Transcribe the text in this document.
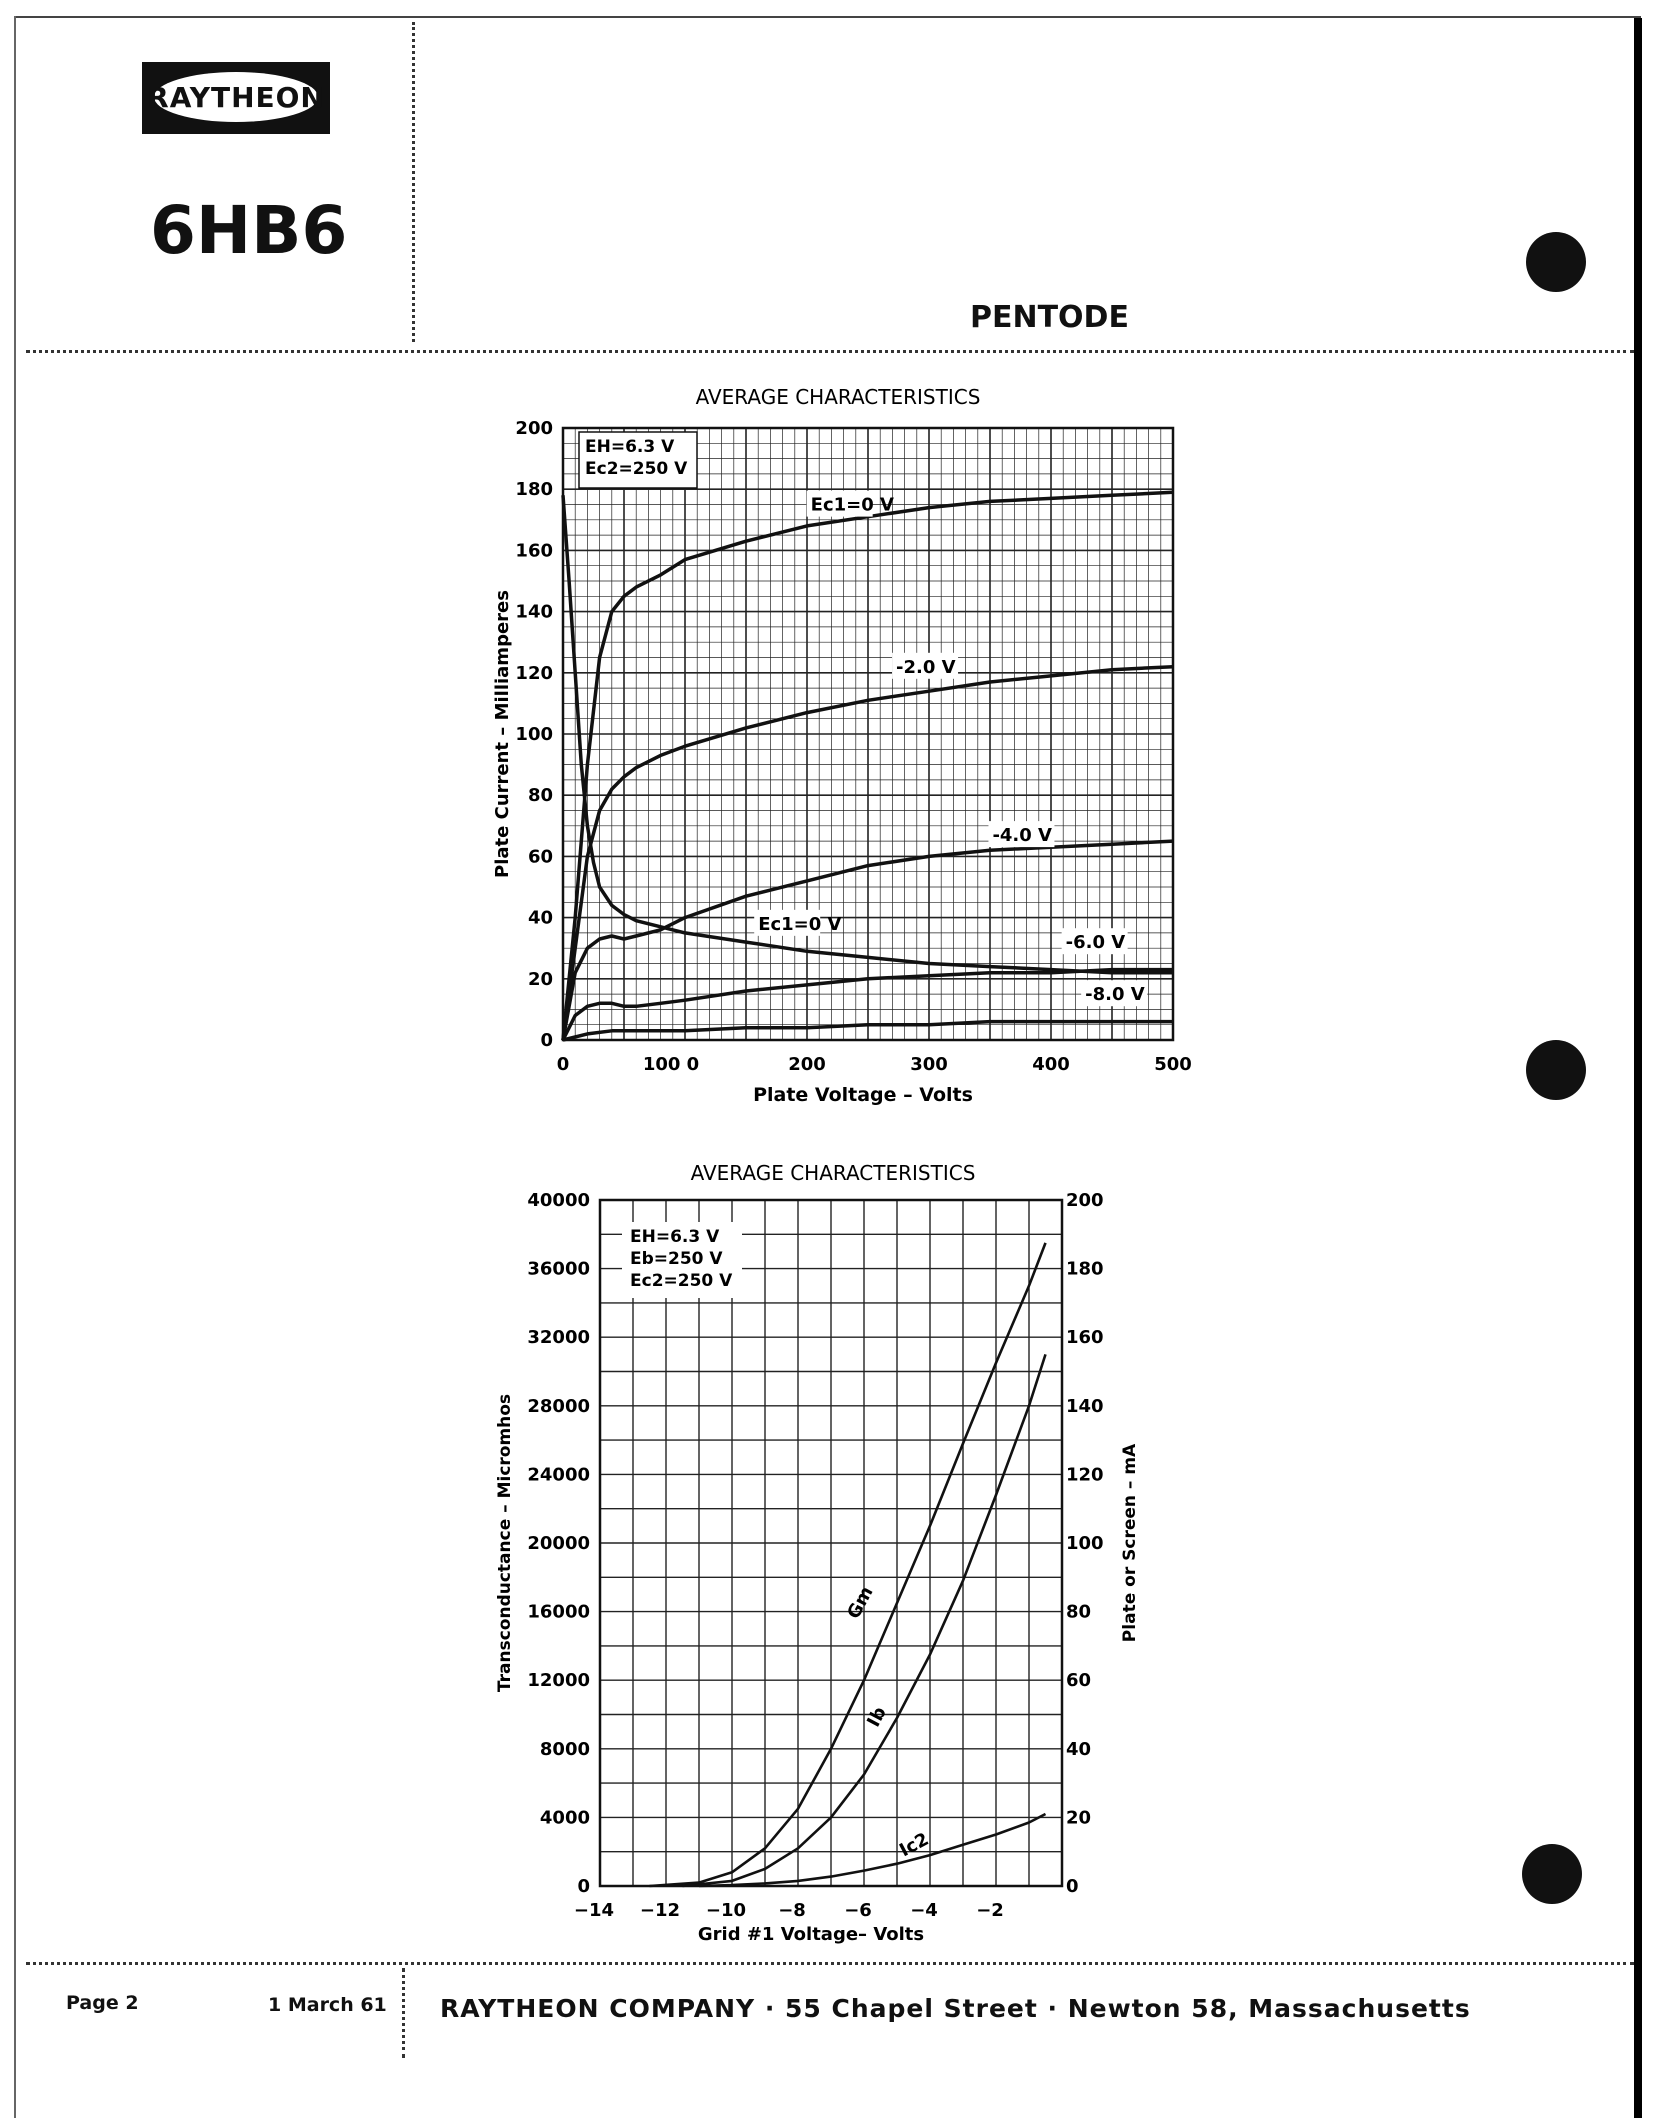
RAYTHEON
6HB6
PENTODE
AVERAGE CHARACTERISTICS
Plate Voltage – Volts
Plate Current – Milliamperes
0	100 0	200	300	400	500
0
20
40
60
80
100
120
140
160
180
200
EH=6.3 V
Ec2=250 V
Ec1=0 V
-2.0 V
-4.0 V
-6.0 V
-8.0 V
Ec1=0 V
AVERAGE CHARACTERISTICS
Grid #1 Voltage– Volts
Transconductance – Micromhos	Plate or Screen – mA
−14 −12 −10 −8 −6 −4 −2
0
4000
8000
12000
16000
20000
24000
28000
32000
36000
40000
0
20
40
60
80
100
120
140
160
180
200
EH=6.3 V
Eb=250 V
Ec2=250 V
Gm
Ib
Ic2
Page 2	1 March 61 RAYTHEON COMPANY · 55 Chapel Street · Newton 58, Massachusetts
